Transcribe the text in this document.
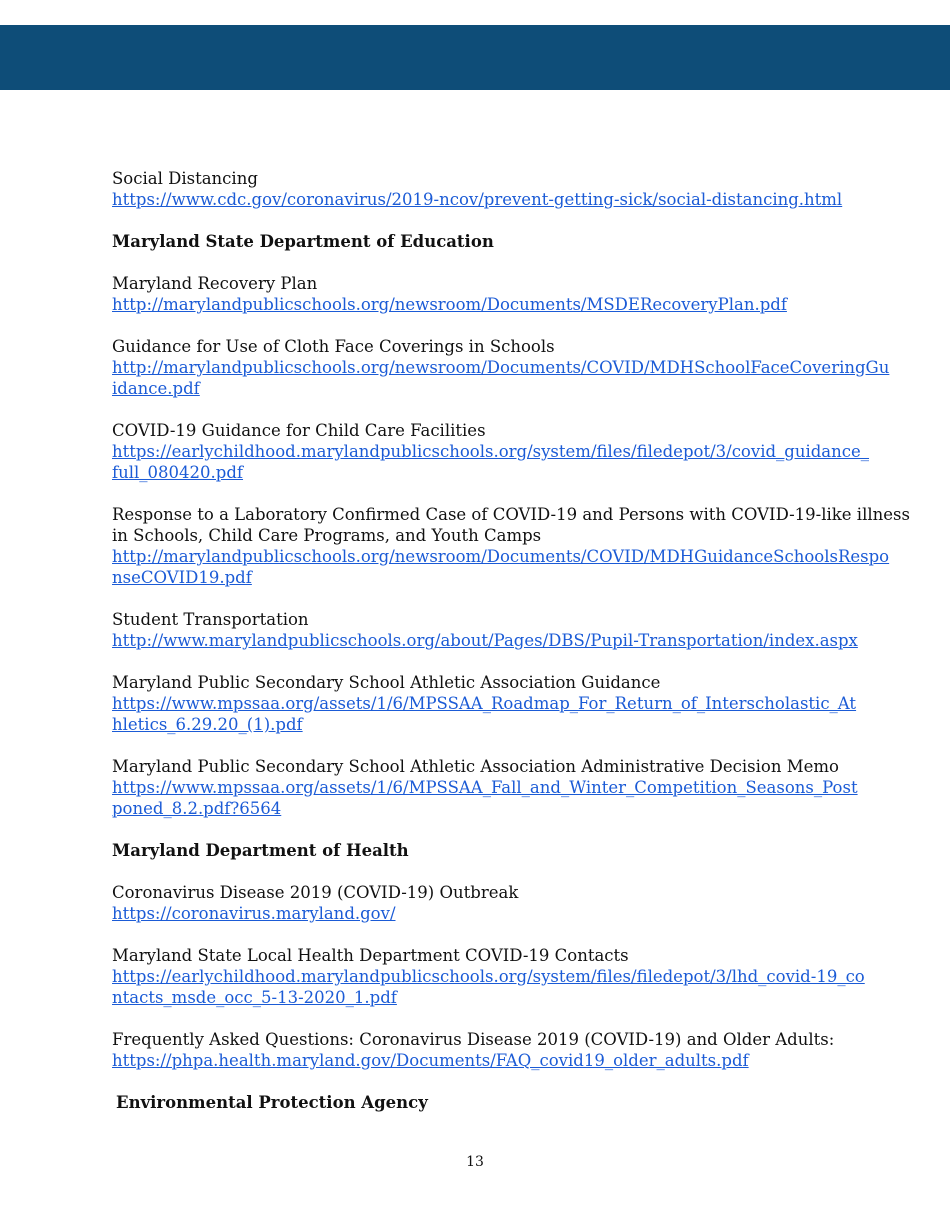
Social Distancing
https://www.cdc.gov/coronavirus/2019-ncov/prevent-getting-sick/social-distancing.html
Maryland State Department of Education
Maryland Recovery Plan
http://marylandpublicschools.org/newsroom/Documents/MSDERecoveryPlan.pdf
Guidance for Use of Cloth Face Coverings in Schools
http://marylandpublicschools.org/newsroom/Documents/COVID/MDHSchoolFaceCoveringGu
idance.pdf
COVID-19 Guidance for Child Care Facilities
https://earlychildhood.marylandpublicschools.org/system/files/filedepot/3/covid_guidance_
full_080420.pdf
Response to a Laboratory Confirmed Case of COVID-19 and Persons with COVID-19-like illness
in Schools, Child Care Programs, and Youth Camps
http://marylandpublicschools.org/newsroom/Documents/COVID/MDHGuidanceSchoolsRespo
nseCOVID19.pdf
Student Transportation
http://www.marylandpublicschools.org/about/Pages/DBS/Pupil-Transportation/index.aspx
Maryland Public Secondary School Athletic Association Guidance
https://www.mpssaa.org/assets/1/6/MPSSAA_Roadmap_For_Return_of_Interscholastic_At
hletics_6.29.20_(1).pdf
Maryland Public Secondary School Athletic Association Administrative Decision Memo
https://www.mpssaa.org/assets/1/6/MPSSAA_Fall_and_Winter_Competition_Seasons_Post
poned_8.2.pdf?6564
Maryland Department of Health
Coronavirus Disease 2019 (COVID-19) Outbreak
https://coronavirus.maryland.gov/
Maryland State Local Health Department COVID-19 Contacts
https://earlychildhood.marylandpublicschools.org/system/files/filedepot/3/lhd_covid-19_co
ntacts_msde_occ_5-13-2020_1.pdf
Frequently Asked Questions: Coronavirus Disease 2019 (COVID-19) and Older Adults:
https://phpa.health.maryland.gov/Documents/FAQ_covid19_older_adults.pdf
Environmental Protection Agency
13
